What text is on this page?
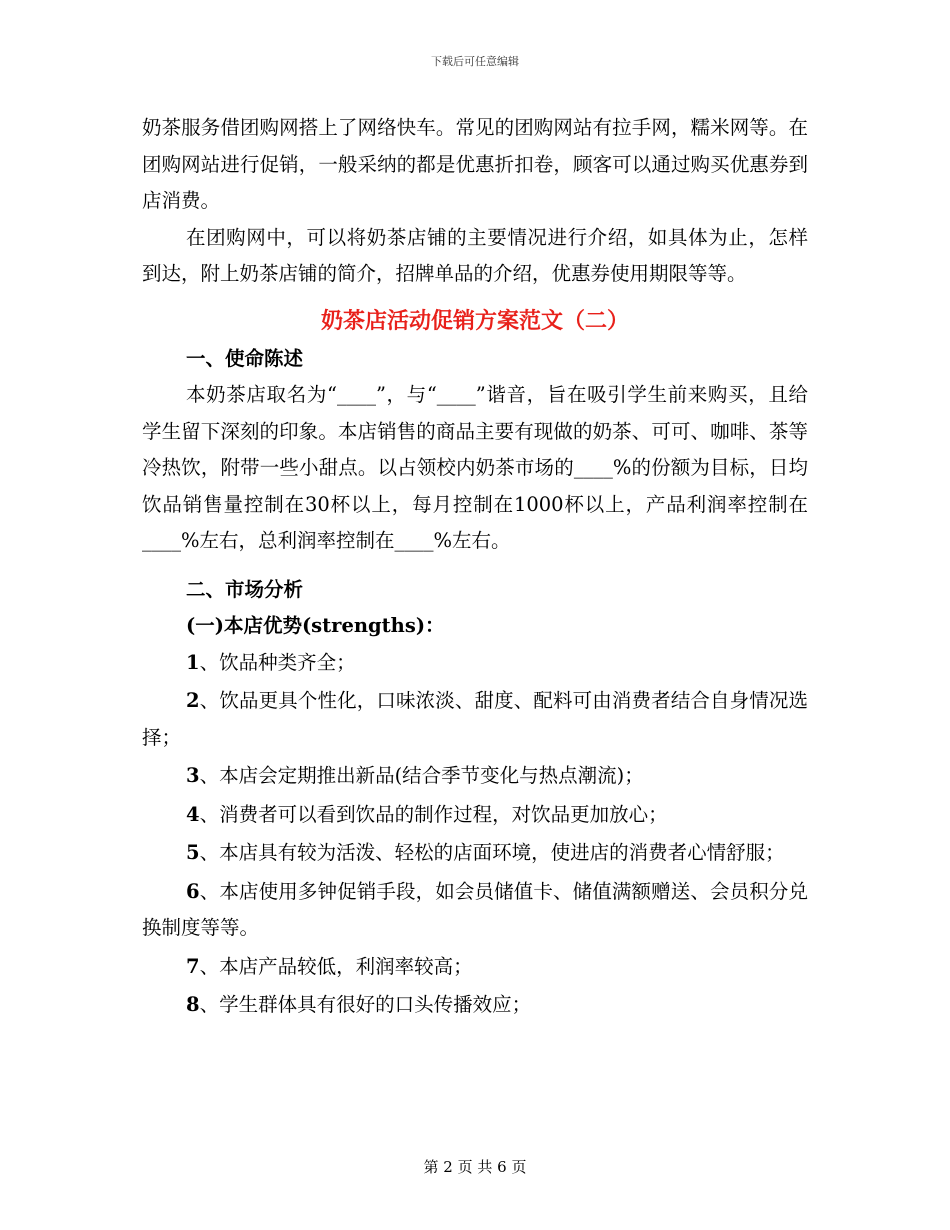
下载后可任意编辑

奶茶服务借团购网搭上了网络快车。常见的团购网站有拉手网，糯米网等。在团购网站进行促销，一般采纳的都是优惠折扣卷，顾客可以通过购买优惠券到店消费。

在团购网中，可以将奶茶店铺的主要情况进行介绍，如具体为止，怎样到达，附上奶茶店铺的简介，招牌单品的介绍，优惠券使用期限等等。

奶茶店活动促销方案范文（二）
一、使命陈述

本奶茶店取名为“____”，与“____”谐音，旨在吸引学生前来购买，且给学生留下深刻的印象。本店销售的商品主要有现做的奶茶、可可、咖啡、茶等冷热饮，附带一些小甜点。以占领校内奶茶市场的____%的份额为目标，日均饮品销售量控制在30杯以上，每月控制在1000杯以上，产品利润率控制在____%左右，总利润率控制在____%左右。

二、市场分析
(一)本店优势(strengths)：

1、饮品种类齐全；

2、饮品更具个性化，口味浓淡、甜度、配料可由消费者结合自身情况选择；

3、本店会定期推出新品(结合季节变化与热点潮流)；

4、消费者可以看到饮品的制作过程，对饮品更加放心；

5、本店具有较为活泼、轻松的店面环境，使进店的消费者心情舒服；

6、本店使用多钟促销手段，如会员储值卡、储值满额赠送、会员积分兑换制度等等。

7、本店产品较低，利润率较高；

8、学生群体具有很好的口头传播效应；

第 2 页 共 6 页
